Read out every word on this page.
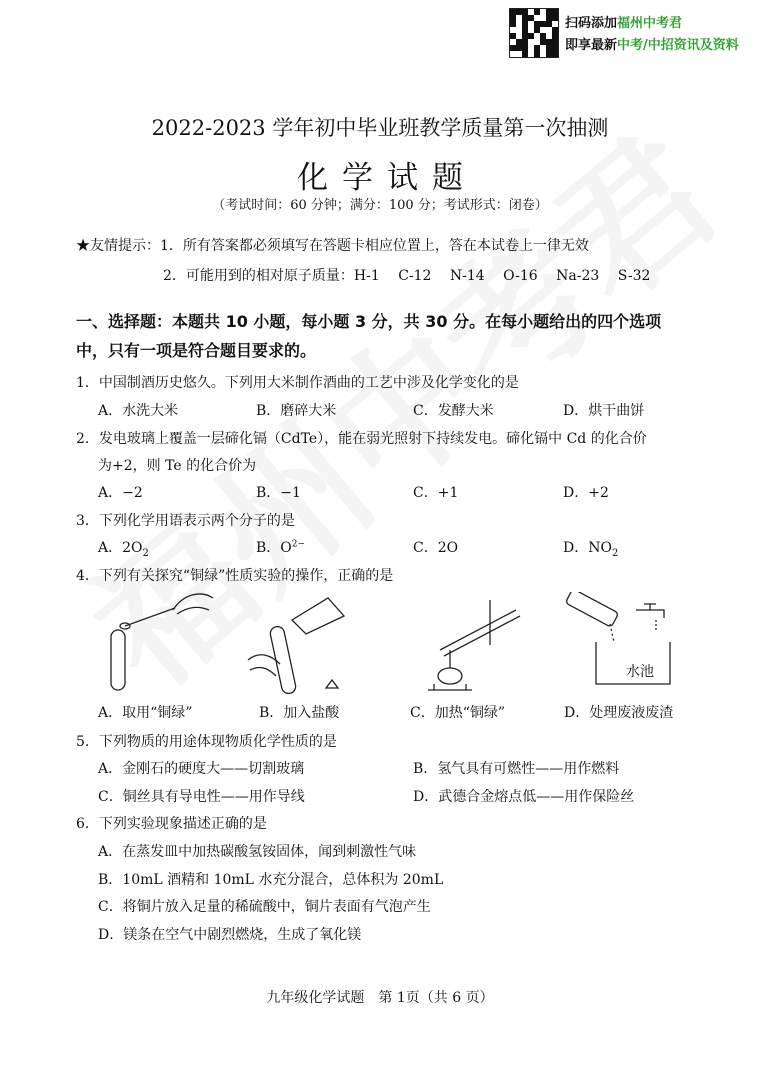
扫码添加福州中考君
即享最新中考/中招资讯及资料
2022-2023 学年初中毕业班教学质量第一次抽测
化学试题
（考试时间：60 分钟；满分：100 分；考试形式：闭卷）
★友情提示：1．所有答案都必须填写在答题卡相应位置上，答在本试卷上一律无效
2．可能用到的相对原子质量：H-1　 C-12　 N-14　 O-16　 Na-23　 S-32
一、选择题：本题共 10 小题，每小题 3 分，共 30 分。在每小题给出的四个选项
中，只有一项是符合题目要求的。
1．中国制酒历史悠久。下列用大米制作酒曲的工艺中涉及化学变化的是
A．水洗大米	B．磨碎大米	C．发酵大米	D．烘干曲饼
2．发电玻璃上覆盖一层碲化镉（CdTe），能在弱光照射下持续发电。碲化镉中 Cd 的化合价
为+2，则 Te 的化合价为
A．−2	B．−1	C．+1	D．+2
3．下列化学用语表示两个分子的是
A．$2O_2$	B．$O^{2-}$	C．2O	D．$NO_2$
4．下列有关探究“铜绿”性质实验的操作，正确的是
水池
A．取用“铜绿”	B．加入盐酸	C．加热“铜绿”	D．处理废液废渣
5．下列物质的用途体现物质化学性质的是
A．金刚石的硬度大——切割玻璃	B．氢气具有可燃性——用作燃料
C．铜丝具有导电性——用作导线	D．武德合金熔点低——用作保险丝
6．下列实验现象描述正确的是
A．在蒸发皿中加热碳酸氢铵固体，闻到刺激性气味
B．10mL 酒精和 10mL 水充分混合，总体积为 20mL
C．将铜片放入足量的稀硫酸中，铜片表面有气泡产生
D．镁条在空气中剧烈燃烧，生成了氧化镁
九年级化学试题　第 1页（共 6 页）
